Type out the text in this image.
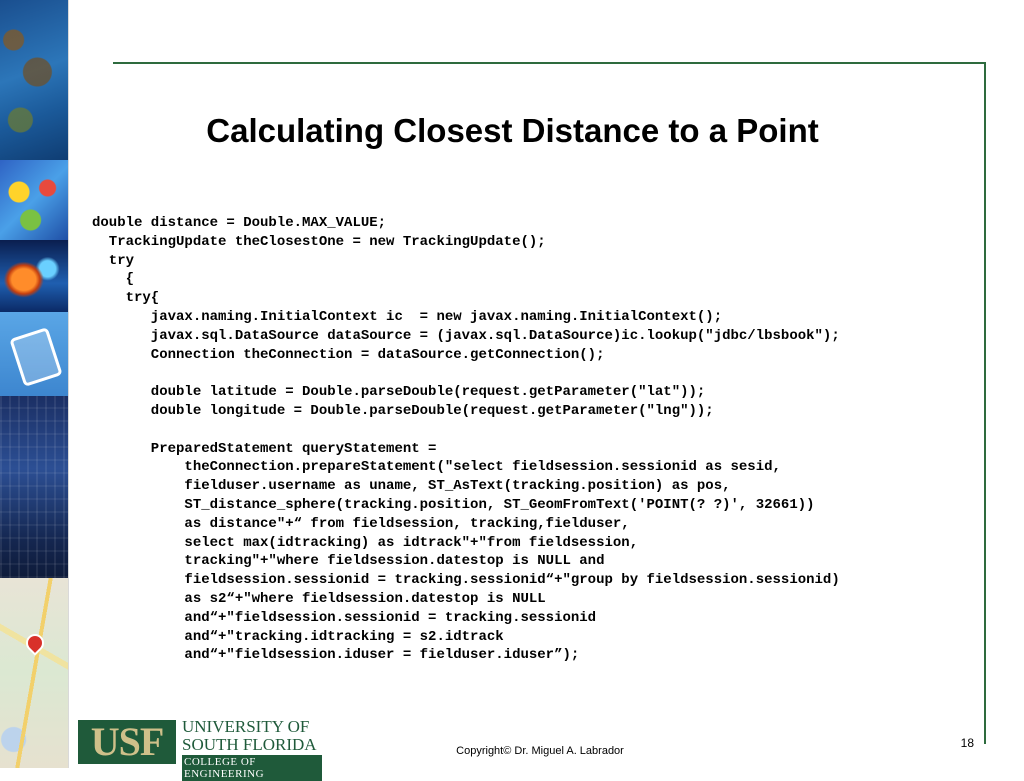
Calculating Closest Distance to a Point
double distance = Double.MAX_VALUE;
TrackingUpdate theClosestOne = new TrackingUpdate();
try
{
try{
javax.naming.InitialContext ic  = new javax.naming.InitialContext();
javax.sql.DataSource dataSource = (javax.sql.DataSource)ic.lookup("jdbc/lbsbook");
Connection theConnection = dataSource.getConnection();
double latitude = Double.parseDouble(request.getParameter("lat"));
double longitude = Double.parseDouble(request.getParameter("lng"));
PreparedStatement queryStatement =
theConnection.prepareStatement("select fieldsession.sessionid as sesid,
fielduser.username as uname, ST_AsText(tracking.position) as pos,
ST_distance_sphere(tracking.position, ST_GeomFromText('POINT(? ?)', 32661))
as distance"+“ from fieldsession, tracking,fielduser,
select max(idtracking) as idtrack"+"from fieldsession,
tracking"+"where fieldsession.datestop is NULL and
fieldsession.sessionid = tracking.sessionid“+"group by fieldsession.sessionid)
as s2“+"where fieldsession.datestop is NULL
and“+"fieldsession.sessionid = tracking.sessionid
and“+"tracking.idtracking = s2.idtrack
and“+"fieldsession.iduser = fielduser.iduser”);
USF	UNIVERSITY OF
SOUTH FLORIDA
COLLEGE OF ENGINEERING
Copyright© Dr. Miguel A. Labrador
18
